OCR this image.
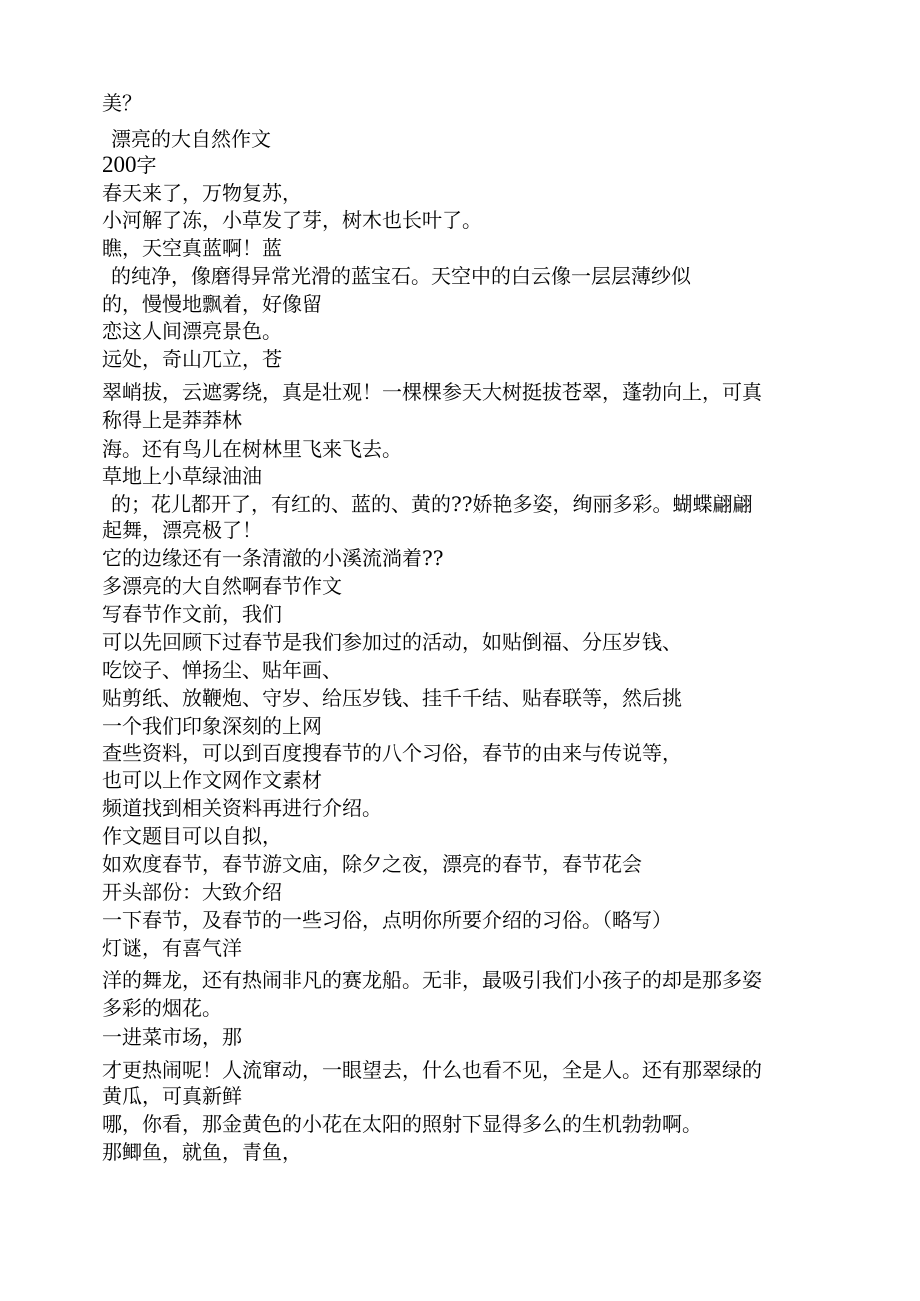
美？
漂亮的大自然作文
200字
春天来了，万物复苏，
小河解了冻，小草发了芽，树木也长叶了。
瞧，天空真蓝啊！蓝
的纯净，像磨得异常光滑的蓝宝石。天空中的白云像一层层薄纱似
的，慢慢地飘着，好像留
恋这人间漂亮景色。
远处，奇山兀立，苍
翠峭拔，云遮雾绕，真是壮观！一棵棵参天大树挺拔苍翠，蓬勃向上，可真
称得上是莽莽林
海。还有鸟儿在树林里飞来飞去。
草地上小草绿油油
的；花儿都开了，有红的、蓝的、黄的??娇艳多姿，绚丽多彩。蝴蝶翩翩
起舞，漂亮极了！
它的边缘还有一条清澈的小溪流淌着??
多漂亮的大自然啊春节作文
写春节作文前，我们
可以先回顾下过春节是我们参加过的活动，如贴倒福、分压岁钱、
吃饺子、惮扬尘、贴年画、
贴剪纸、放鞭炮、守岁、给压岁钱、挂千千结、贴春联等，然后挑
一个我们印象深刻的上网
查些资料，可以到百度搜春节的八个习俗，春节的由来与传说等，
也可以上作文网作文素材
频道找到相关资料再进行介绍。
作文题目可以自拟，
如欢度春节，春节游文庙，除夕之夜，漂亮的春节，春节花会
开头部份：大致介绍
一下春节，及春节的一些习俗，点明你所要介绍的习俗。（略写）
灯谜，有喜气洋
洋的舞龙，还有热闹非凡的赛龙船。无非，最吸引我们小孩子的却是那多姿
多彩的烟花。
一进菜市场，那
才更热闹呢！人流窜动，一眼望去，什么也看不见，全是人。还有那翠绿的
黄瓜，可真新鲜
哪，你看，那金黄色的小花在太阳的照射下显得多么的生机勃勃啊。
那鲫鱼，就鱼，青鱼，
